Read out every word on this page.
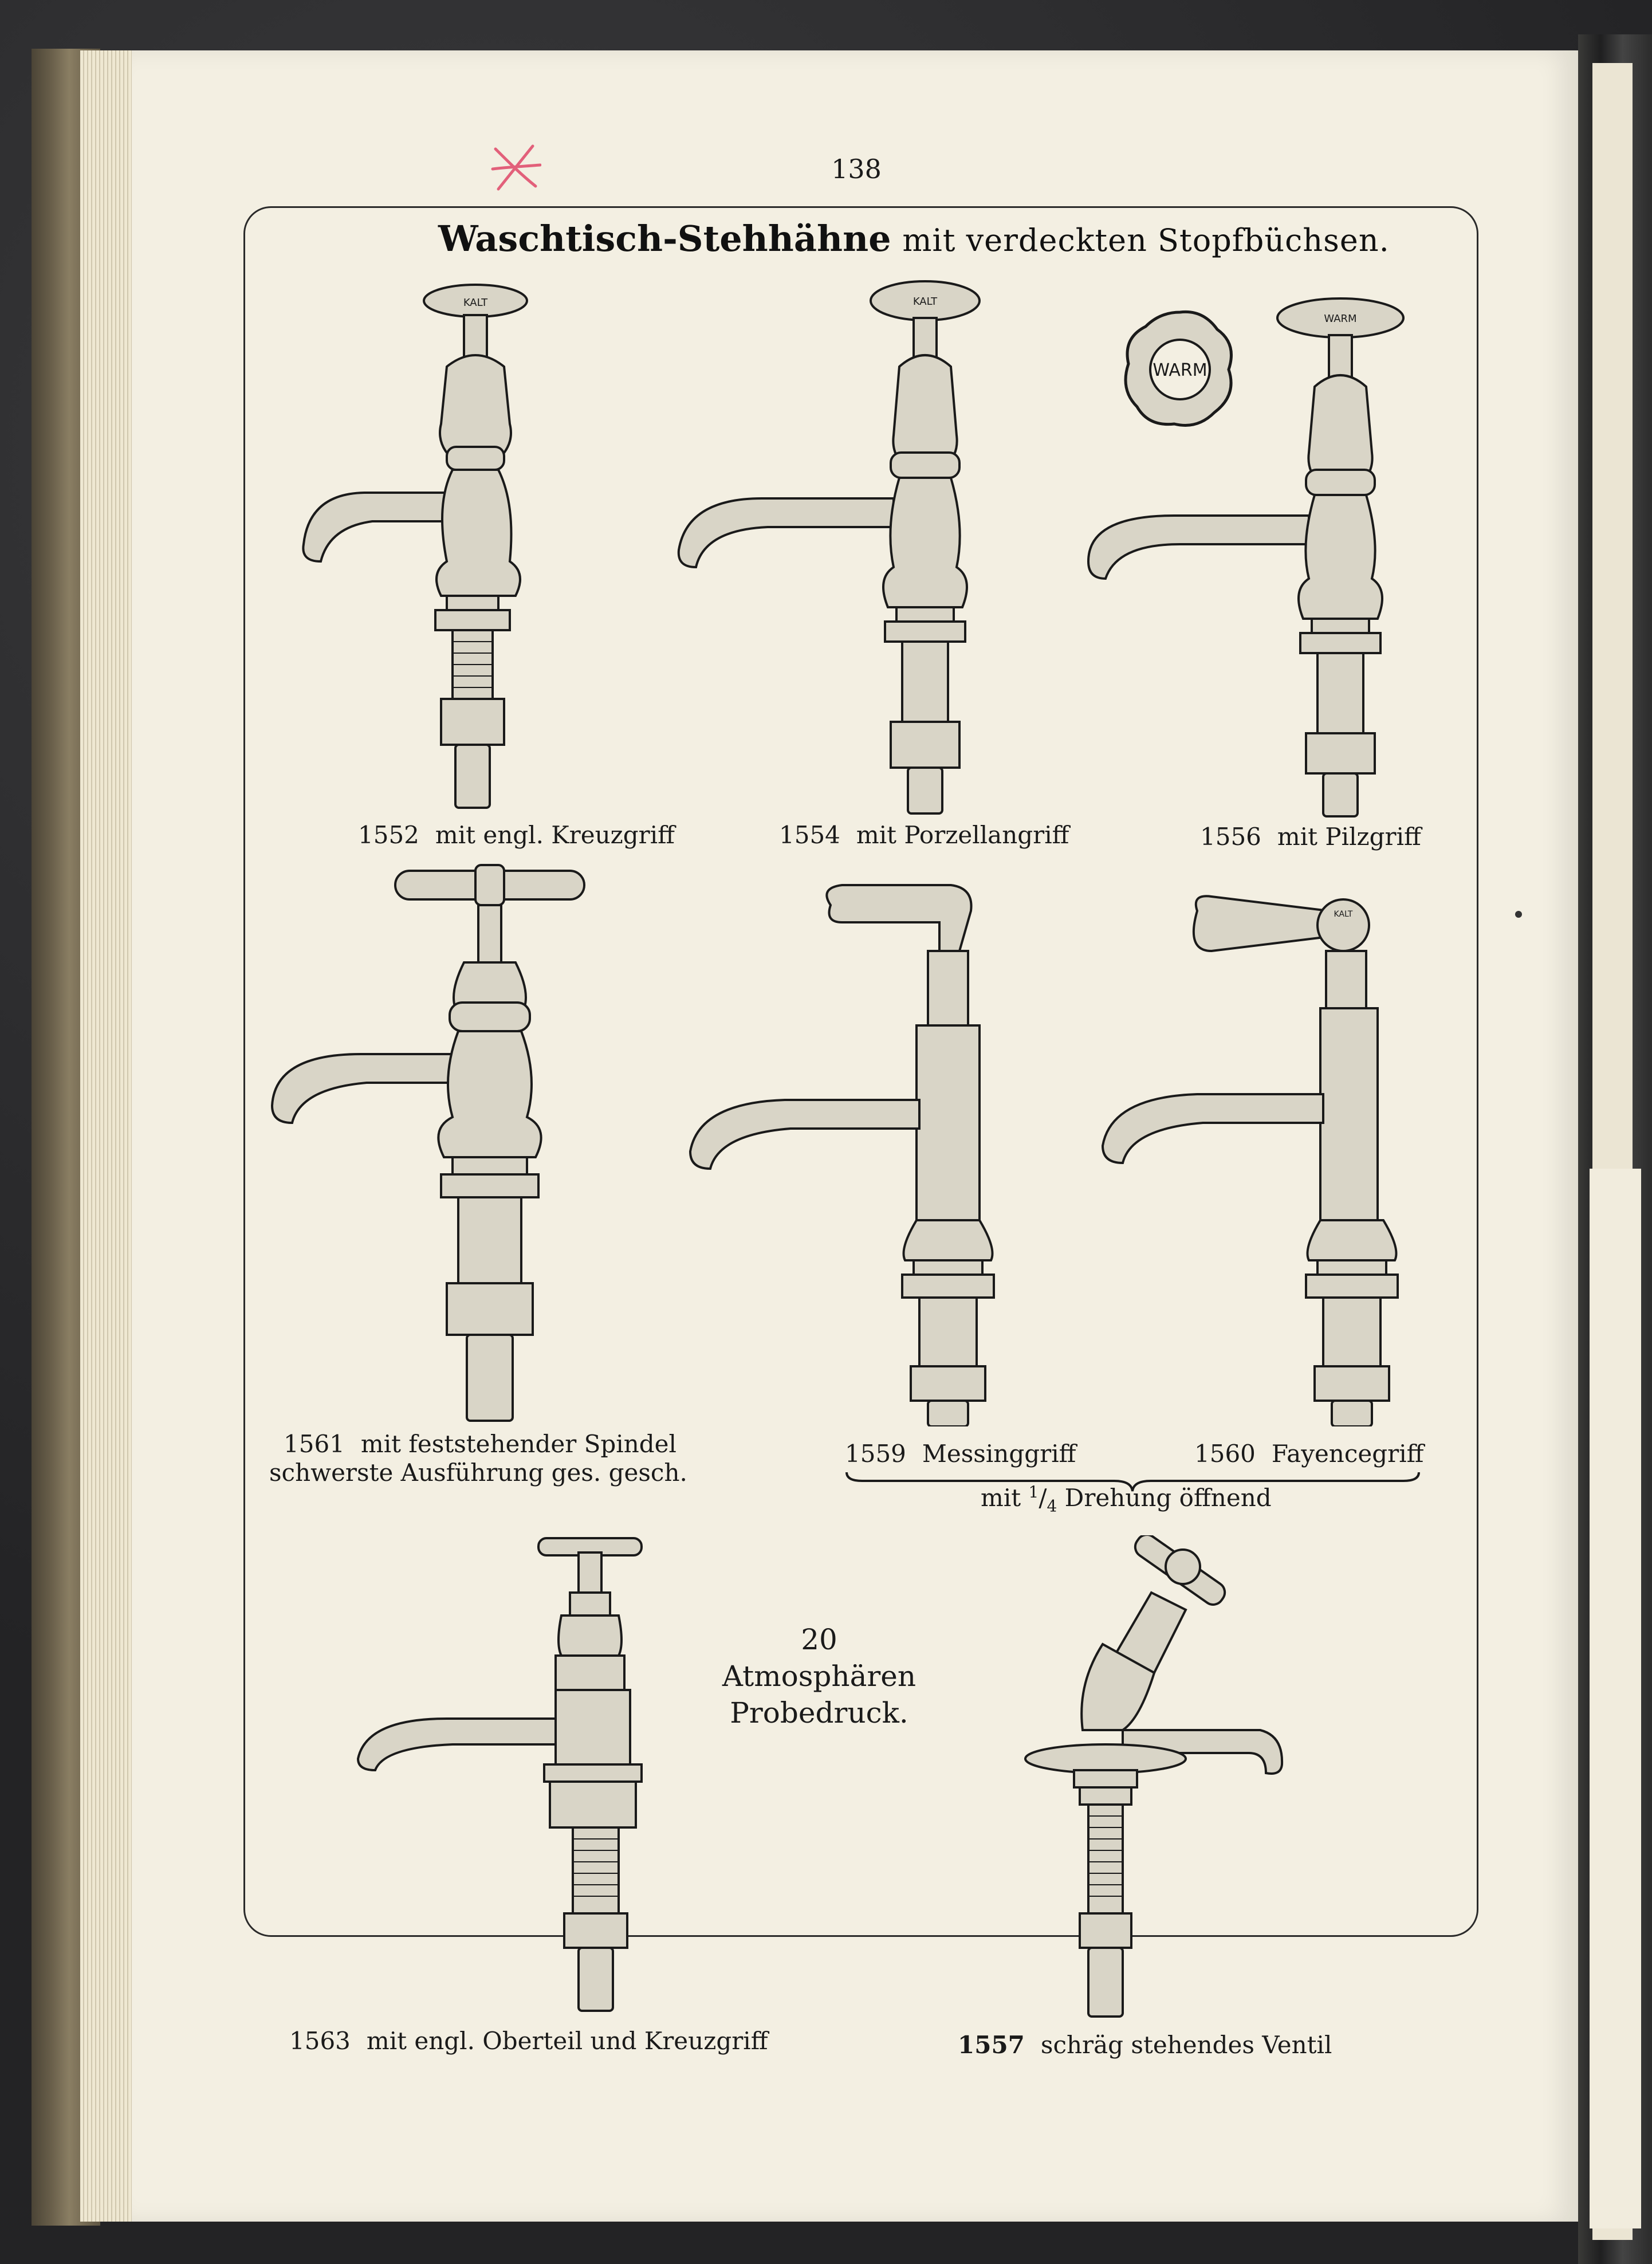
138
Waschtisch-Stehhähne mit verdeckten Stopfbüchsen.
KALT
1552 mit engl. Kreuzgriff
KALT
1554 mit Porzellangriff
WARM
WARM
1556 mit Pilzgriff
1561 mit feststehender Spindel
schwerste Ausführung ges. gesch.
1559 Messinggriff
KALT
1560 Fayencegriff
mit $^1/_4$ Drehung öffnend
1563 mit engl. Oberteil und Kreuzgriff
20 Atmosphären
Probedruck.
1557 schräg stehendes Ventil
